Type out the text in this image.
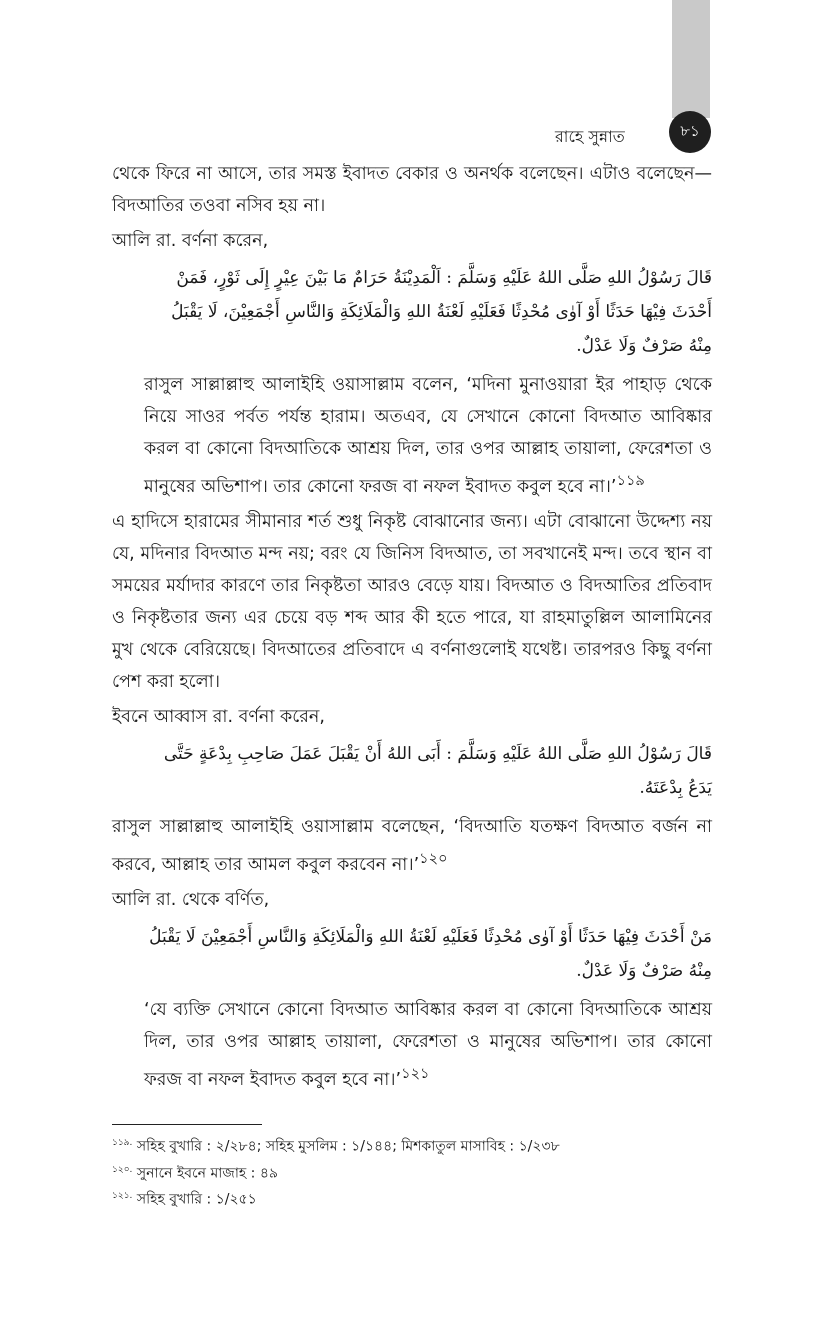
৮১
রাহে সুন্নাত

থেকে ফিরে না আসে, তার সমস্ত ইবাদত বেকার ও অনর্থক বলেছেন। এটাও বলেছেন—বিদআতির তওবা নসিব হয় না।

আলি রা. বর্ণনা করেন,

قَالَ رَسُوْلُ اللهِ صَلَّى اللهُ عَلَيْهِ وَسَلَّمَ : اَلْمَدِيْنَةُ حَرَامٌ مَا بَيْنَ عِيْرٍ إِلَى ثَوْرٍ، فَمَنْ أَحْدَثَ فِيْهَا حَدَثًا أَوْ آوٰى مُحْدِثًا فَعَلَيْهِ لَعْنَةُ اللهِ وَالْمَلَائِكَةِ وَالنَّاسِ أَجْمَعِيْنَ، لَا يَقْبَلُ مِنْهُ صَرْفٌ وَلَا عَدْلٌ.

রাসুল সাল্লাল্লাহু আলাইহি ওয়াসাল্লাম বলেন, ‘মদিনা মুনাওয়ারা ইর পাহাড় থেকে নিয়ে সাওর পর্বত পর্যন্ত হারাম। অতএব, যে সেখানে কোনো বিদআত আবিষ্কার করল বা কোনো বিদআতিকে আশ্রয় দিল, তার ওপর আল্লাহ তায়ালা, ফেরেশতা ও মানুষের অভিশাপ। তার কোনো ফরজ বা নফল ইবাদত কবুল হবে না।’$^{১১৯}$

এ হাদিসে হারামের সীমানার শর্ত শুধু নিকৃষ্ট বোঝানোর জন্য। এটা বোঝানো উদ্দেশ্য নয় যে, মদিনার বিদআত মন্দ নয়; বরং যে জিনিস বিদআত, তা সবখানেই মন্দ। তবে স্থান বা সময়ের মর্যাদার কারণে তার নিকৃষ্টতা আরও বেড়ে যায়। বিদআত ও বিদআতির প্রতিবাদ ও নিকৃষ্টতার জন্য এর চেয়ে বড় শব্দ আর কী হতে পারে, যা রাহমাতুল্লিল আলামিনের মুখ থেকে বেরিয়েছে। বিদআতের প্রতিবাদে এ বর্ণনাগুলোই যথেষ্ট। তারপরও কিছু বর্ণনা পেশ করা হলো।

ইবনে আব্বাস রা. বর্ণনা করেন,

قَالَ رَسُوْلُ اللهِ صَلَّى اللهُ عَلَيْهِ وَسَلَّمَ : أَبَى اللهُ أَنْ يَقْبَلَ عَمَلَ صَاحِبِ بِدْعَةٍ حَتَّى يَدَعُ بِدْعَتَهُ.

রাসুল সাল্লাল্লাহু আলাইহি ওয়াসাল্লাম বলেছেন, ‘বিদআতি যতক্ষণ বিদআত বর্জন না করবে, আল্লাহ তার আমল কবুল করবেন না।’$^{১২০}$

আলি রা. থেকে বর্ণিত,

مَنْ أَحْدَثَ فِيْهَا حَدَثًا أَوْ آوٰى مُحْدِثًا فَعَلَيْهِ لَعْنَةُ اللهِ وَالْمَلَائِكَةِ وَالنَّاسِ أَجْمَعِيْنَ لَا يَقْبَلُ مِنْهُ صَرْفٌ وَلَا عَدْلٌ.

‘যে ব্যক্তি সেখানে কোনো বিদআত আবিষ্কার করল বা কোনো বিদআতিকে আশ্রয় দিল, তার ওপর আল্লাহ তায়ালা, ফেরেশতা ও মানুষের অভিশাপ। তার কোনো ফরজ বা নফল ইবাদত কবুল হবে না।’$^{১২১}$

$^{১১৯.}$ সহিহ বুখারি : ২/২৮৪; সহিহ মুসলিম : ১/১৪৪; মিশকাতুল মাসাবিহ : ১/২৩৮

$^{১২০.}$ সুনানে ইবনে মাজাহ : ৪৯

$^{১২১.}$ সহিহ বুখারি : ১/২৫১
